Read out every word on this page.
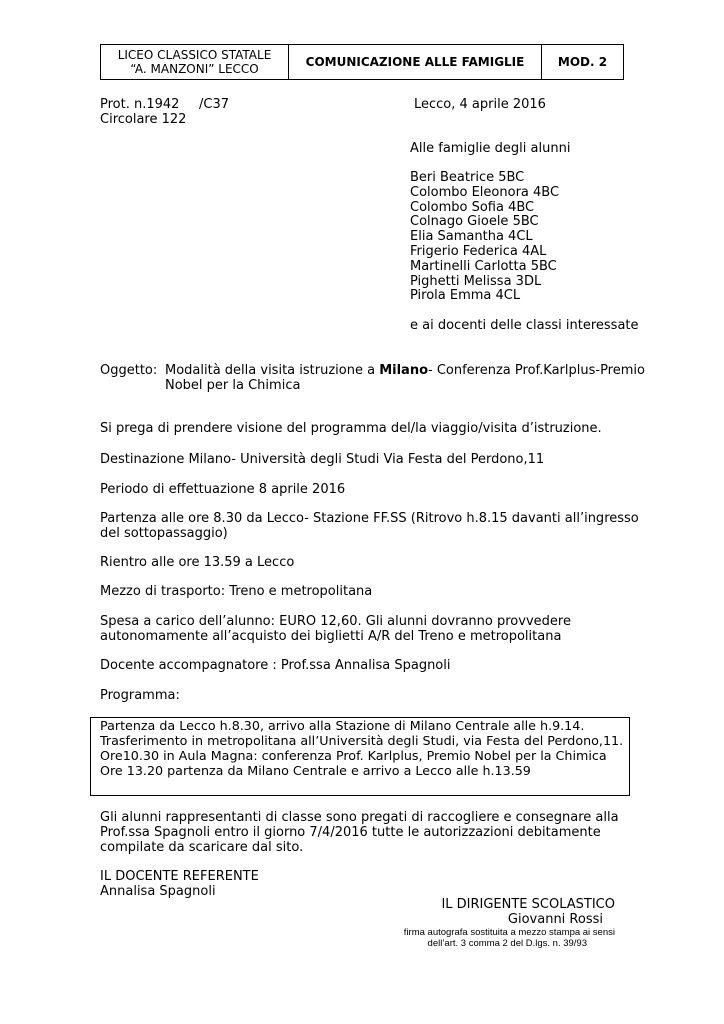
LICEO CLASSICO STATALE
“A. MANZONI” LECCO	COMUNICAZIONE ALLE FAMIGLIE	MOD. 2
Prot. n.1942 /C37	Lecco, 4 aprile 2016
Circolare 122
Alle famiglie degli alunni
Beri Beatrice 5BC
Colombo Eleonora 4BC
Colombo Sofia 4BC
Colnago Gioele 5BC
Elia Samantha 4CL
Frigerio Federica 4AL
Martinelli Carlotta 5BC
Pighetti Melissa 3DL
Pirola Emma 4CL
e ai docenti delle classi interessate
Oggetto: Modalità della visita istruzione a Milano- Conferenza Prof.Karlplus-Premio
Nobel per la Chimica
Si prega di prendere visione del programma del/la viaggio/visita d’istruzione.
Destinazione Milano- Università degli Studi Via Festa del Perdono,11
Periodo di effettuazione 8 aprile 2016
Partenza alle ore 8.30 da Lecco- Stazione FF.SS (Ritrovo h.8.15 davanti all’ingresso
del sottopassaggio)
Rientro alle ore 13.59 a Lecco
Mezzo di trasporto: Treno e metropolitana
Spesa a carico dell’alunno: EURO 12,60. Gli alunni dovranno provvedere
autonomamente all’acquisto dei biglietti A/R del Treno e metropolitana
Docente accompagnatore : Prof.ssa Annalisa Spagnoli
Programma:
Partenza da Lecco h.8.30, arrivo alla Stazione di Milano Centrale alle h.9.14.
Trasferimento in metropolitana all’Università degli Studi, via Festa del Perdono,11.
Ore10.30 in Aula Magna: conferenza Prof. Karlplus, Premio Nobel per la Chimica
Ore 13.20 partenza da Milano Centrale e arrivo a Lecco alle h.13.59
Gli alunni rappresentanti di classe sono pregati di raccogliere e consegnare alla
Prof.ssa Spagnoli entro il giorno 7/4/2016 tutte le autorizzazioni debitamente
compilate da scaricare dal sito.
IL DOCENTE REFERENTE
Annalisa Spagnoli
IL DIRIGENTE SCOLASTICO
Giovanni Rossi
firma autografa sostituita a mezzo stampa ai sensi
dell’art. 3 comma 2 del D.lgs. n. 39/93
